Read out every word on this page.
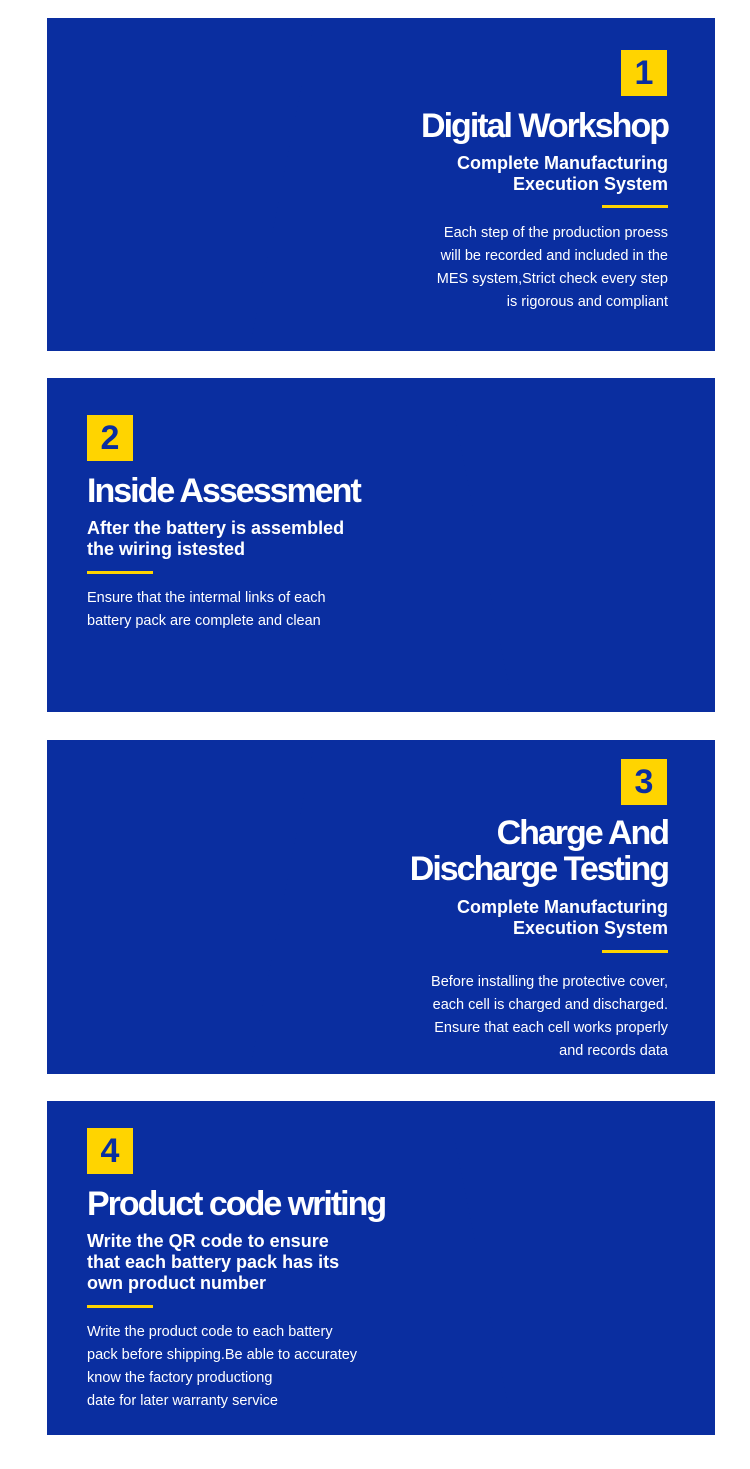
1
Digital Workshop
Complete Manufacturing
Execution System
Each step of the production proess
will be recorded and included in the
MES system,Strict check every step
is rigorous and compliant
2
Inside Assessment
After the battery is assembled
the wiring istested
Ensure that the intermal links of each
battery pack are complete and clean
3
Charge And
Discharge Testing
Complete Manufacturing
Execution System
Before installing the protective cover,
each cell is charged and discharged.
Ensure that each cell works properly
and records data
4
Product code writing
Write the QR code to ensure
that each battery pack has its
own product number
Write the product code to each battery
pack before shipping.Be able to accuratey
know the factory productiong
date for later warranty service
